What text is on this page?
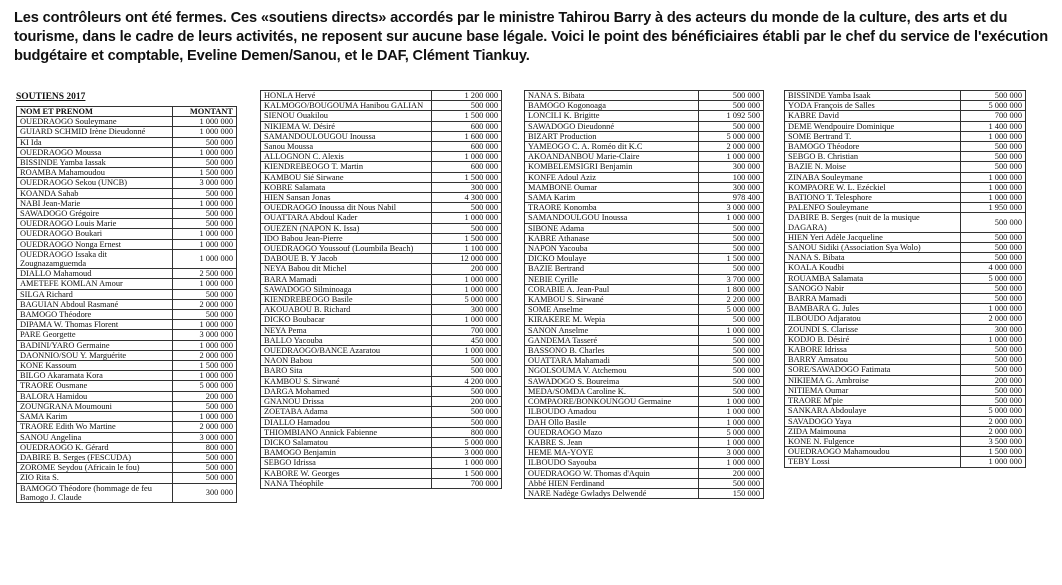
Les contrôleurs ont été fermes. Ces «soutiens directs» accordés par le ministre Tahirou Barry à des acteurs du monde de la culture, des arts et du tourisme, dans le cadre de leurs activités, ne reposent sur aucune base légale. Voici le point des bénéficiaires établi par le chef du service de l'exécution budgétaire et comptable, Eveline Demen/Sanou, et le DAF, Clément Tiankuy.
SOUTIENS 2017
NOM ET PRENOM	MONTANT
OUEDRAOGO Souleymane	1 000 000
GUIARD SCHMID Irène Dieudonné	1 000 000
KI Ida	500 000
OUEDRAOGO Moussa	1 000 000
BISSINDE Yamba Iassak	500 000
ROAMBA Mahamoudou	1 500 000
OUEDRAOGO Sekou (UNCB)	3 000 000
KOANDA Sahab	500 000
NABI Jean-Marie	1 000 000
SAWADOGO Grégoire	500 000
OUEDRAOGO Louis Marie	500 000
OUEDRAOGO Boukari	1 000 000
OUEDRAOGO Nonga Ernest	1 000 000
OUEDRAOGO Issaka dit Zougnazamguemda	1 000 000
DIALLO Mahamoud	2 500 000
AMETEFE KOMLAN Amour	1 000 000
SILGA Richard	500 000
BAGUIAN Abdoul Rasmané	2 000 000
BAMOGO Théodore	500 000
DIPAMA W. Thomas Florent	1 000 000
PARE Georgette	3 000 000
BADINI/YARO Germaine	1 000 000
DAONNIO/SOU Y. Marguérite	2 000 000
KONE Kassoum	1 500 000
BILGO Akaramata Kora	1 000 000
TRAORE Ousmane	5 000 000
BALORA Hamidou	200 000
ZOUNGRANA Moumouni	500 000
SAMA Karim	1 000 000
TRAORE Edith Wo Martine	2 000 000
SANOU Angelina	3 000 000
OUEDRAOGO K. Gérard	800 000
DABIRE B. Serges (FESCUDA)	500 000
ZOROME Seydou (Africain le fou)	500 000
ZIO Rita S.	500 000
BAMOGO Théodore (hommage de feu Bamogo J. Claude	300 000
HONLA Hervé	1 200 000
KALMOGO/BOUGOUMA Hanibou GALIAN	500 000
SIENOU Ouakilou	1 500 000
NIKIEMA W. Désiré	600 000
SAMANDOULOUGOU Inoussa	1 600 000
Sanou Moussa	600 000
ALLOGNON C. Alexis	1 000 000
KIENDREBEOGO T. Martin	600 000
KAMBOU Sié Sirwane	1 500 000
KOBRE Salamata	300 000
HIEN Sansan Jonas	4 300 000
OUEDRAOGO Inoussa dit Nous Nabil	500 000
OUATTARA Abdoul Kader	1 000 000
OUEZEN (NAPON K. Issa)	500 000
IDO Babou Jean-Pierre	1 500 000
OUEDRAOGO Youssouf (Loumbila Beach)	1 100 000
DABOUE B. Y Jacob	12 000 000
NEYA Babou dit Michel	200 000
BARA Mamadi	1 000 000
SAWADOGO Silminoaga	1 000 000
KIENDREBEOGO Basile	5 000 000
AKOUABOU B. Richard	300 000
DICKO Boubacar	1 000 000
NEYA Pema	700 000
BALLO Yacouba	450 000
OUEDRAOGO/BANCE Azaratou	1 000 000
NAON Babou	500 000
BARO Sita	500 000
KAMBOU S. Sirwané	4 200 000
DARGA Mohamed	500 000
GNANOU Drissa	200 000
ZOETABA Adama	500 000
DIALLO Hamadou	500 000
THIOMBIANO Annick Fabienne	800 000
DICKO Salamatou	5 000 000
BAMOGO Benjamin	3 000 000
SEBGO Idrissa	1 000 000
KABORE W. Georges	1 500 000
NANA Théophile	700 000
NANA S. Bibata	500 000
BAMOGO Kogonoaga	500 000
LONCILI K. Brigitte	1 092 500
SAWADOGO Dieudonné	500 000
BIZART Production	5 000 000
YAMEOGO C. A. Roméo dit K.C	2 000 000
AKOANDANBOU Marie-Claire	1 000 000
KOMBELEMSIGRI Benjamin	300 000
KONFE Adoul Aziz	100 000
MAMBONE Oumar	300 000
SAMA Karim	978 400
TRAORE Konomba	3 000 000
SAMANDOULGOU Inoussa	1 000 000
SIBONE Adama	500 000
KABRE Athanase	500 000
NAPON Yacouba	500 000
DICKO Moulaye	1 500 000
BAZIE Bertrand	500 000
NEBIE Cyrille	3 700 000
CORABIE A. Jean-Paul	1 800 000
KAMBOU S. Sirwané	2 200 000
SOME Anselme	5 000 000
KIRAKERE M. Wepia	500 000
SANON Anselme	1 000 000
GANDEMA Tasseré	500 000
BASSONO B. Charles	500 000
OUATTARA Mahamadi	500 000
NGOLSOUMA V. Atchemou	500 000
SAWADOGO S. Boureima	500 000
MEDA/SOMDA Caroline K.	500 000
COMPAORE/BONKOUNGOU Germaine	1 000 000
ILBOUDO Amadou	1 000 000
DAH Ollo Basile	1 000 000
OUEDRAOGO Mazo	5 000 000
KABRE S. Jean	1 000 000
HEME MA-YOYE	3 000 000
ILBOUDO Sayouba	1 000 000
OUEDRAOGO W. Thomas d'Aquin	200 000
Abbé HIEN Ferdinand	500 000
NARE Nadège Gwladys Delwendé	150 000
BISSINDE Yamba Isaak	500 000
YODA François de Salles	5 000 000
KABRE David	700 000
DEME Wendpouire Dominique	1 400 000
SOME Bertrand T.	1 000 000
BAMOGO Théodore	500 000
SEBGO B. Christian	500 000
BAZIE N. Moise	500 000
ZINABA Souleymane	1 000 000
KOMPAORE W. L. Ezéckiel	1 000 000
BATIONO T. Telesphore	1 000 000
PALENFO Souleymane	1 950 000
DABIRE B. Serges (nuit de la musique DAGARA)	500 000
HIEN Yeri Adèle Jacqueline	500 000
SANOU Sidiki (Association Sya Wolo)	500 000
NANA S. Bibata	500 000
KOALA Koudbi	4 000 000
ROUAMBA Salamata	5 000 000
SANOGO Nabir	500 000
BARRA Mamadi	500 000
BAMBARA G. Jules	1 000 000
ILBOUDO Adjaratou	2 000 000
ZOUNDI S. Clarisse	300 000
KODJO B. Désiré	1 000 000
KABORE Idrissa	500 000
BARRY Amsatou	500 000
SORE/SAWADOGO Fatimata	500 000
NIKIEMA G. Ambroise	200 000
NITIEMA Oumar	500 000
TRAORE M'pie	500 000
SANKARA Abdoulaye	5 000 000
SAVADOGO Yaya	2 000 000
ZIDA Maimouna	2 000 000
KONE N. Fulgence	3 500 000
OUEDRAOGO Mahamoudou	1 500 000
TEBY Lossi	1 000 000
